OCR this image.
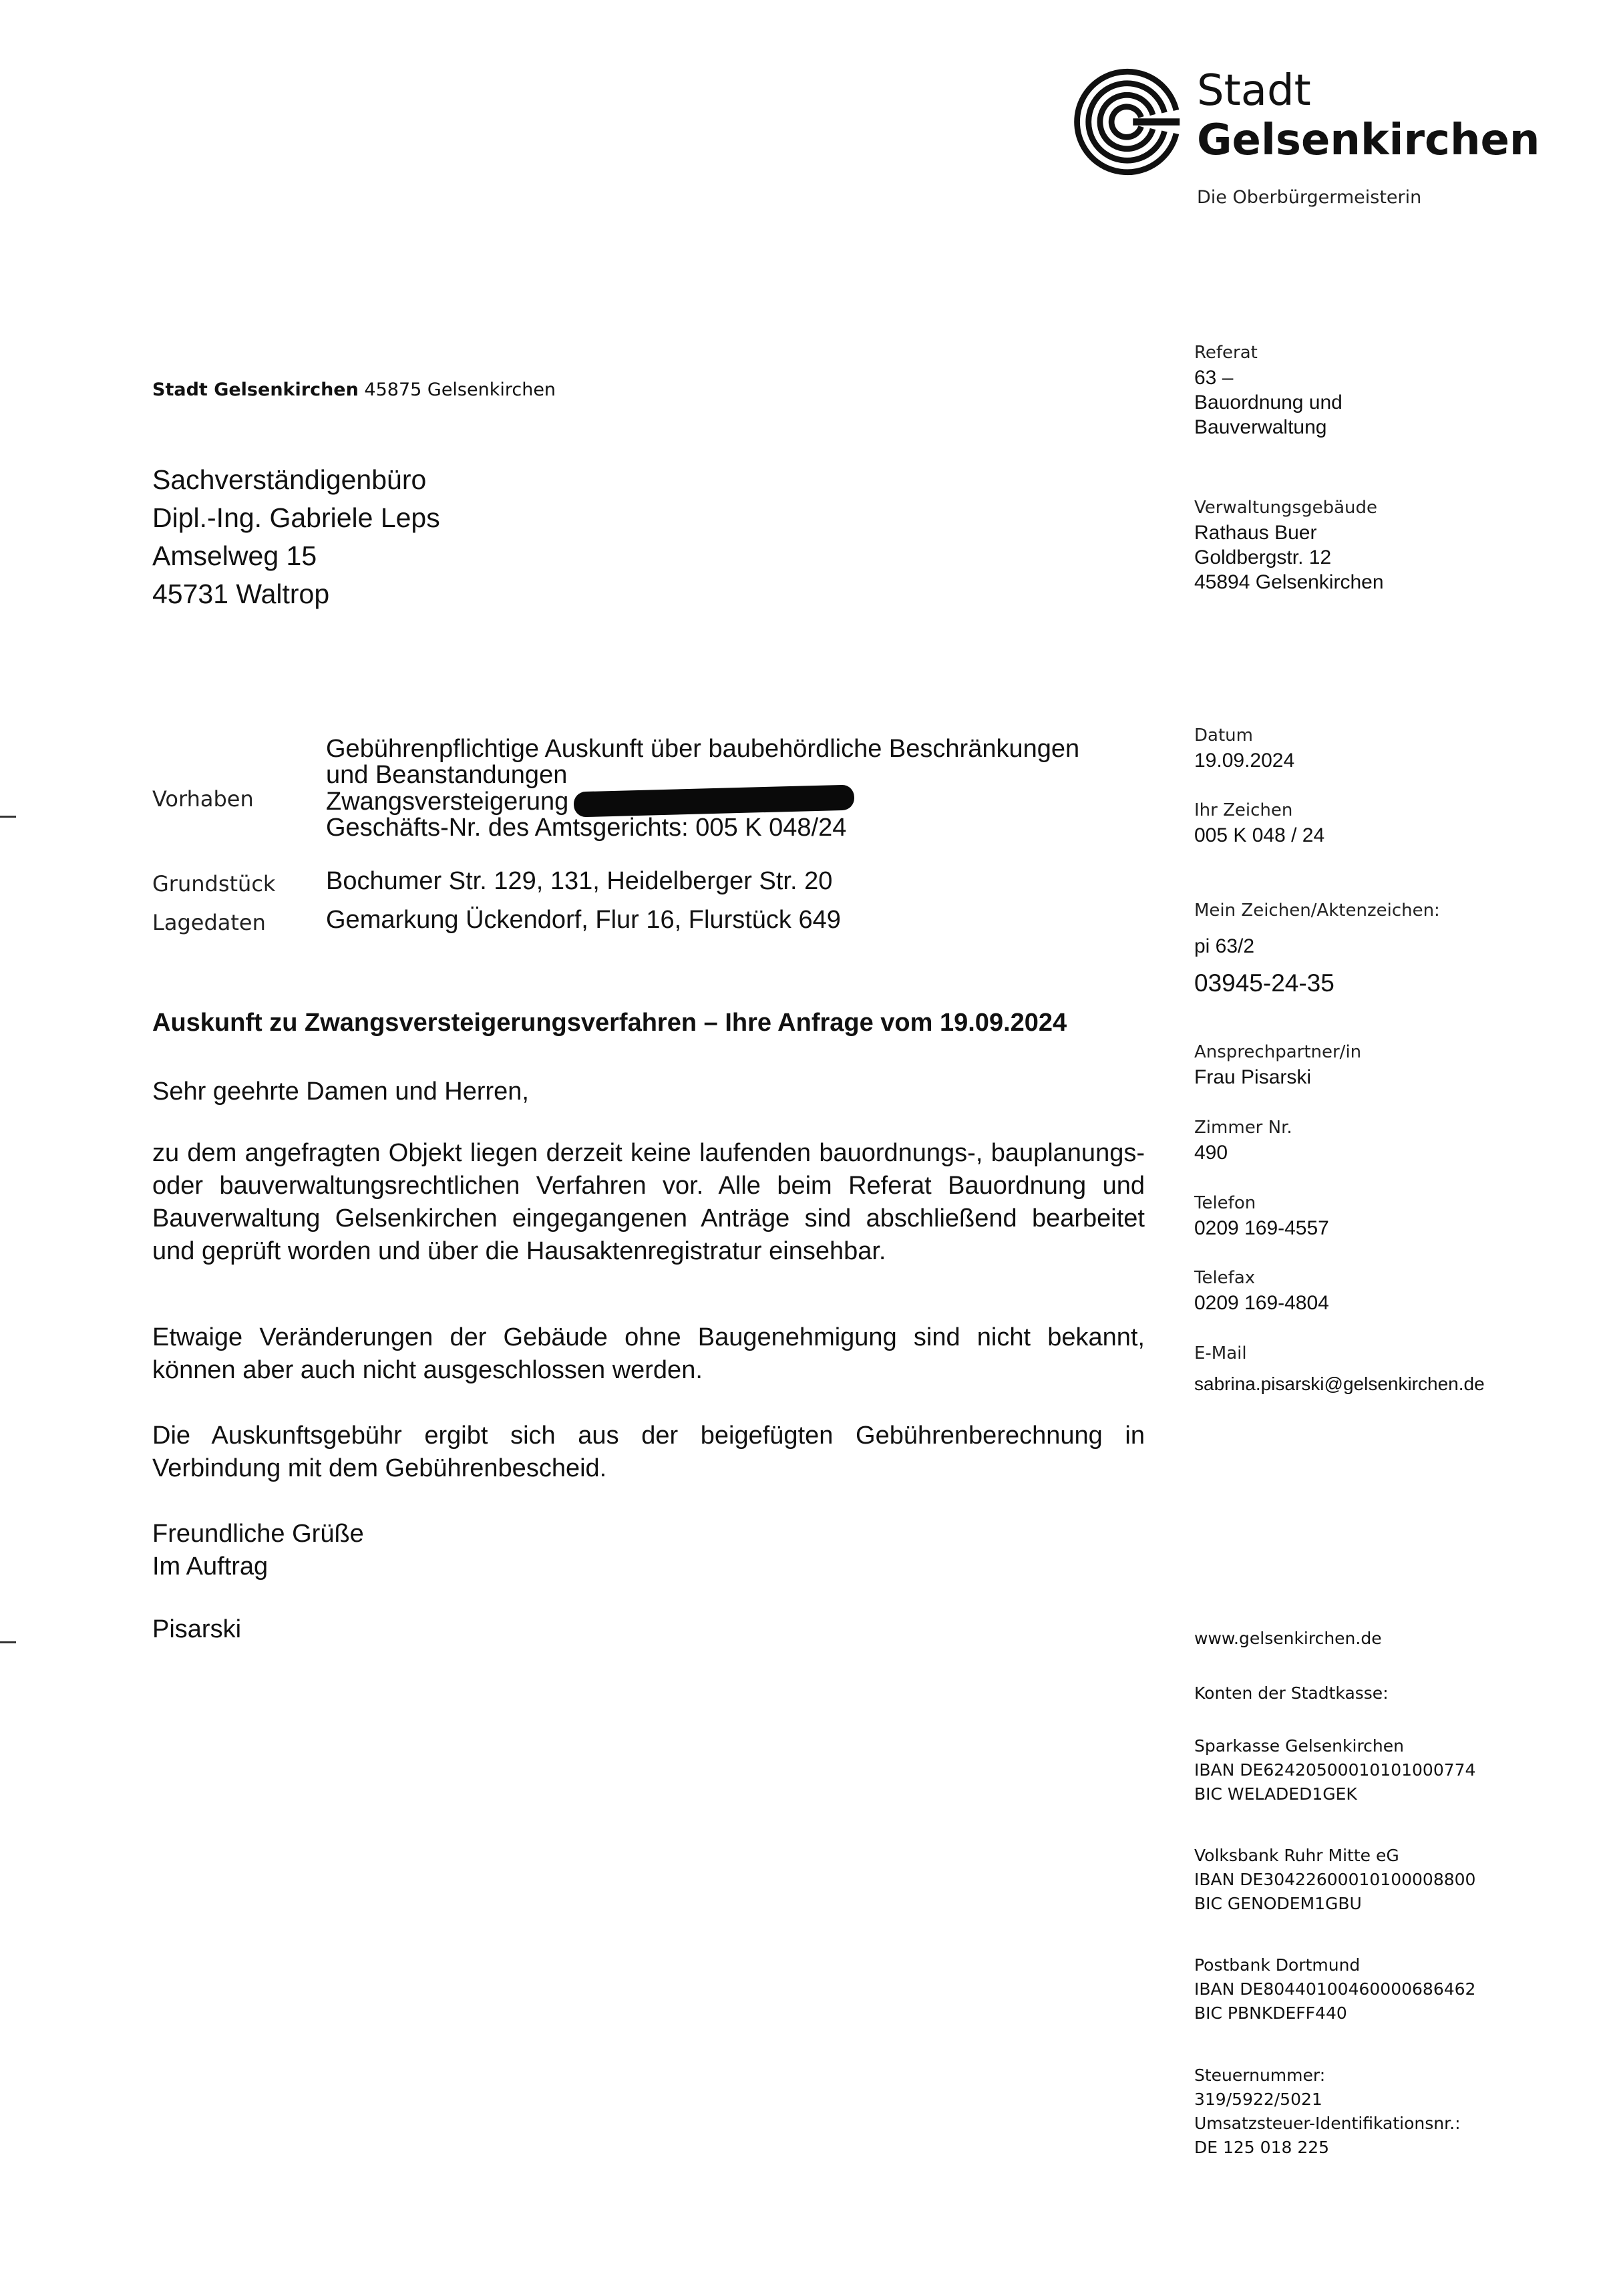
Stadt
Gelsenkirchen
Die Oberbürgermeisterin
Stadt Gelsenkirchen 45875 Gelsenkirchen
Sachverständigenbüro
Dipl.-Ing. Gabriele Leps
Amselweg 15
45731 Waltrop
Referat
63 –
Bauordnung und
Bauverwaltung
Verwaltungsgebäude
Rathaus Buer
Goldbergstr. 12
45894 Gelsenkirchen
Datum
19.09.2024
Ihr Zeichen
005 K 048 / 24
Mein Zeichen/Aktenzeichen:
pi 63/2
03945-24-35
Ansprechpartner/in
Frau Pisarski
Zimmer Nr.
490
Telefon
0209 169-4557
Telefax
0209 169-4804
E-Mail
sabrina.pisarski@gelsenkirchen.de
www.gelsenkirchen.de
Konten der Stadtkasse:
Sparkasse Gelsenkirchen
IBAN DE62420500010101000774
BIC WELADED1GEK
Volksbank Ruhr Mitte eG
IBAN DE30422600010100008800
BIC GENODEM1GBU
Postbank Dortmund
IBAN DE80440100460000686462
BIC PBNKDEFF440
Steuernummer:
319/5922/5021
Umsatzsteuer-Identifikationsnr.:
DE 125 018 225
Vorhaben
Gebührenpflichtige Auskunft über baubehördliche Beschränkungen
und Beanstandungen
Zwangsversteigerung
Geschäfts-Nr. des Amtsgerichts: 005 K 048/24
Grundstück Bochumer Str. 129, 131, Heidelberger Str. 20
Lagedaten Gemarkung Ückendorf, Flur 16, Flurstück 649
Auskunft zu Zwangsversteigerungsverfahren – Ihre Anfrage vom 19.09.2024
Sehr geehrte Damen und Herren,
zu dem angefragten Objekt liegen derzeit keine laufenden bauordnungs-, bauplanungs- oder bauverwaltungsrechtlichen Verfahren vor. Alle beim Referat Bauordnung und Bauverwaltung Gelsenkirchen eingegangenen Anträge sind abschließend bearbeitet und geprüft worden und über die Hausaktenregistratur einsehbar.
Etwaige Veränderungen der Gebäude ohne Baugenehmigung sind nicht bekannt, können aber auch nicht ausgeschlossen werden.
Die Auskunftsgebühr ergibt sich aus der beigefügten Gebührenberechnung in Verbindung mit dem Gebührenbescheid.
Freundliche Grüße
Im Auftrag
Pisarski
